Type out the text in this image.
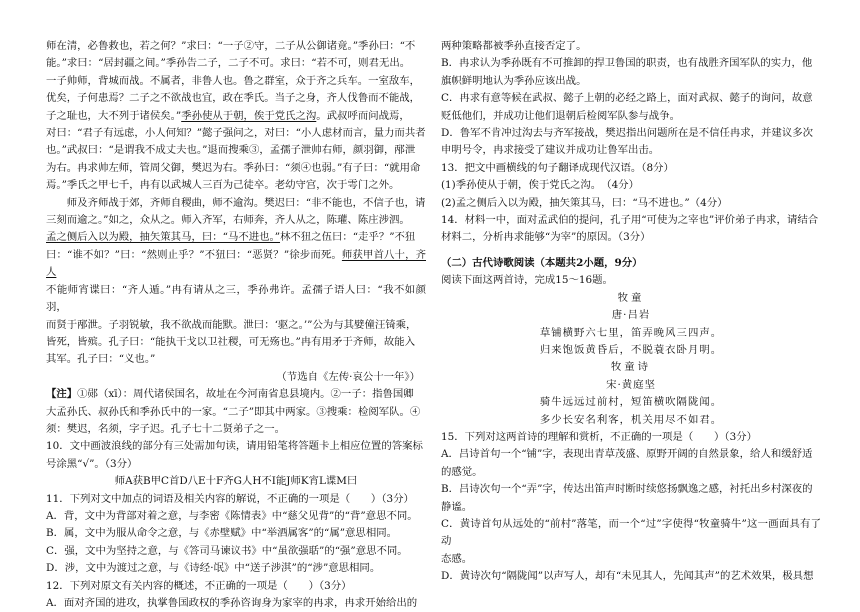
师在清，必鲁救也，若之何？”求曰：“一子②守，二子从公御诸竟。”季孙曰：“不

能。”求曰：“居封疆之间。”季孙告二子，二子不可。求曰：“若不可，则君无出。

一子帅师，背城而战。不属者，非鲁人也。鲁之群室，众于齐之兵车。一室敌车，

优矣，子何患焉？二子之不欲战也宜，政在季氏。当子之身，齐人伐鲁而不能战，

子之耻也，大不列于诸侯矣。”季孙使从于朝，俟于党氏之沟。武叔呼而问战焉，

对曰：“君子有远虑，小人何知？”懿子强问之，对曰：“小人虑材而言，量力而共者

也。”武叔曰：“是谓我不成丈夫也。”退而搜乘③，孟孺子泄帅右师，颜羽御，邴泄

为右。冉求帅左师，管周父御，樊迟为右。季孙曰：“须④也弱。”有子曰：“就用命

焉。”季氏之甲七千，冉有以武城人三百为己徒卒。老幼守宫，次于雩门之外。

师及齐师战于郊，齐师自稷曲，师不逾沟。樊迟曰：“非不能也，不信子也，请

三刻而逾之。”如之，众从之。师入齐军，右师奔，齐人从之，陈瓘、陈庄涉泗。

孟之侧后入以为殿，抽矢策其马，曰：“马不进也。”林不狃之伍曰：“走乎？”不狃

曰：“谁不如？”曰：“然则止乎？”不狃曰：“恶贤？”徐步而死。师获甲首八十，齐人

不能师宵谍曰：“齐人遁。”冉有请从之三，季孙弗许。孟孺子语人曰：“我不如颜羽，

而贤于邴泄。子羽锐敏，我不欲战而能默。泄曰：‘驱之。’”公为与其嬖僮汪锜乘，

皆死，皆殡。孔子曰：“能执干戈以卫社稷，可无殇也。”冉有用矛于齐师，故能入

其军。孔子曰：“义也。”

（节选自《左传·哀公十一年》）

【注】①郧（xī）：周代诸侯国名，故址在今河南省息县境内。②一子：指鲁国卿

大孟孙氏、叔孙氏和季孙氏中的一家。“二子”即其中两家。③搜乘：检阅军队。④

须：樊迟，名须，字子迟。孔子七十二贤弟子之一。

10．文中画波浪线的部分有三处需加句读，请用铅笔将答题卡上相应位置的答案标

号涂黑“√”。（3分）

师A获B甲C首D八E十F齐G人H不I能J师K宵L谍M曰

11．下列对文中加点的词语及相关内容的解说，不正确的一项是（　　）（3分）

A．背，文中为背部对着之意，与李密《陈情表》中“慈父见背”的“背”意思不同。

B．属，文中为服从命令之意，与《赤壁赋》中“举酒属客”的“属”意思相同。

C．强，文中为坚持之意，与《答司马谏议书》中“虽欲强聒”的“强”意思不同。

D．涉，文中为渡过之意，与《诗经·氓》中“送子涉淇”的“涉”意思相同。

12．下列对原文有关内容的概述，不正确的一项是（　　）（3分）

A．面对齐国的进攻，执掌鲁国政权的季孙咨询身为家宰的冉求，冉求开始给出的

两种策略都被季孙直接否定了。

B．冉求认为季孙既有不可推卸的捍卫鲁国的职责，也有战胜齐国军队的实力，他

旗帜鲜明地认为季孙应该出战。

C．冉求有意等候在武叔、懿子上朝的必经之路上，面对武叔、懿子的询问，故意

贬低他们，并成功让他们退朝后检阅军队参与战争。

D．鲁军不肯冲过沟去与齐军接战，樊迟指出问题所在是不信任冉求，并建议多次

申明号令，冉求接受了建议并成功让鲁军出击。

13．把文中画横线的句子翻译成现代汉语。（8分）

(1)季孙使从于朝，俟于党氏之沟。　（4分）

(2)孟之侧后入以为殿，抽矢策其马，曰：“马不进也。”（4分）

14．材料一中，面对孟武伯的提问，孔子用“可使为之宰也”评价弟子冉求，请结合

材料二，分析冉求能够“为宰”的原因。（3分）

（二）古代诗歌阅读（本题共2小题，9分）

阅读下面这两首诗，完成15～16题。

牧童

唐·吕岩

草铺横野六七里，笛弄晚风三四声。

归来饱饭黄昏后，不脱蓑衣卧月明。

牧童诗

宋·黄庭坚

骑牛远远过前村，短笛横吹隔陇闻。

多少长安名利客，机关用尽不如君。

15．下列对这两首诗的理解和赏析，不正确的一项是（　　）（3分）

A．吕诗首句一个“铺”字，表现出青草茂盛、原野开阔的自然景象，给人和缓舒适

的感觉。

B．吕诗次句一个“弄”字，传达出笛声时断时续悠扬飘逸之感，衬托出乡村深夜的

静谧。

C．黄诗首句从远处的“前村”落笔，而一个“过”字使得“牧童骑牛”这一画面具有了动

态感。

D．黄诗次句“隔陇闻”以声写人，却有“未见其人，先闻其声”的艺术效果，极具想
